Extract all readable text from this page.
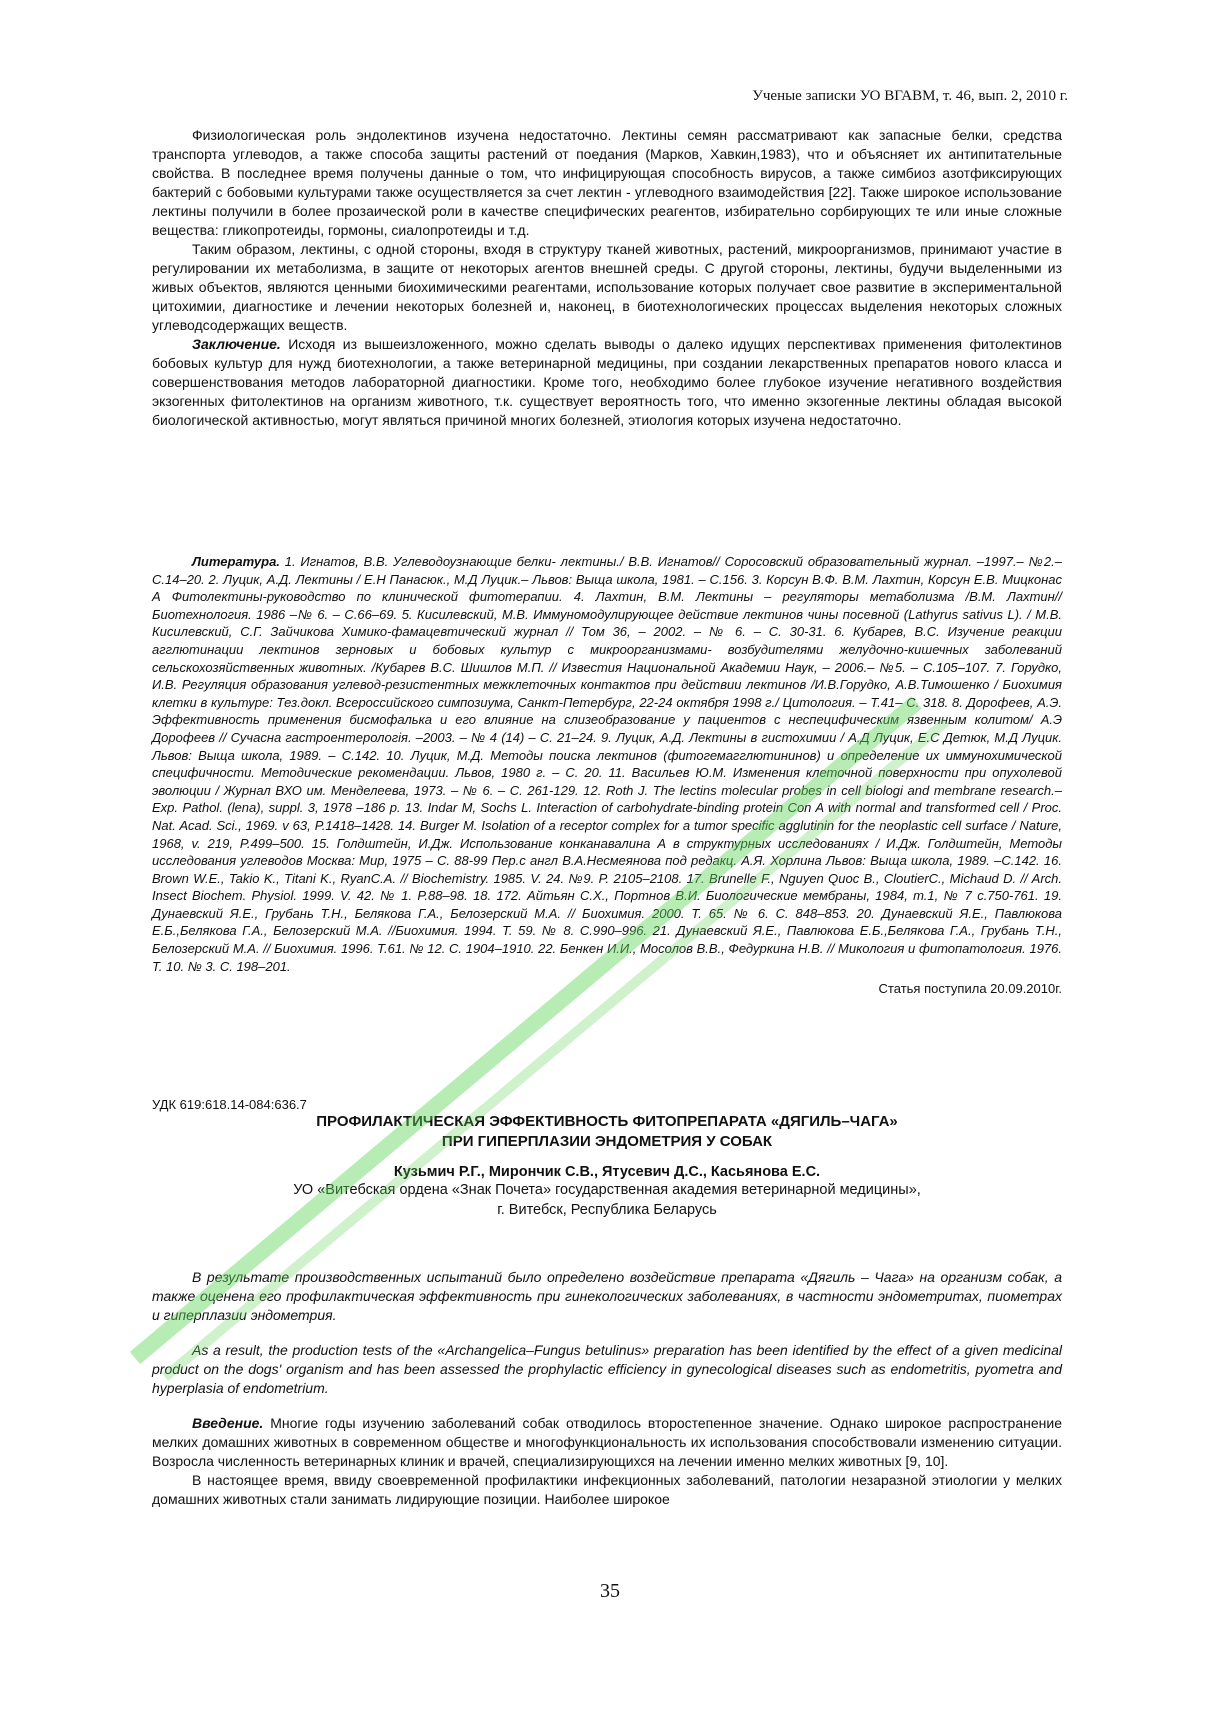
Ученые записки УО ВГАВМ, т. 46, вып. 2, 2010 г.

Физиологическая роль эндолектинов изучена недостаточно. Лектины семян рассматривают как запасные белки, средства транспорта углеводов, а также способа защиты растений от поедания (Марков, Хавкин,1983), что и объясняет их антипитательные свойства. В последнее время получены данные о том, что инфицирующая способность вирусов, а также симбиоз азотфиксирующих бактерий с бобовыми культурами также осуществляется за счет лектин - углеводного взаимодействия [22]. Также широкое использование лектины получили в более прозаической роли в качестве специфических реагентов, избирательно сорбирующих те или иные сложные вещества: гликопротеиды, гормоны, сиалопротеиды и т.д.

Таким образом, лектины, с одной стороны, входя в структуру тканей животных, растений, микроорганизмов, принимают участие в регулировании их метаболизма, в защите от некоторых агентов внешней среды. С другой стороны, лектины, будучи выделенными из живых объектов, являются ценными биохимическими реагентами, использование которых получает свое развитие в экспериментальной цитохимии, диагностике и лечении некоторых болезней и, наконец, в биотехнологических процессах выделения некоторых сложных углеводсодержащих веществ.

Заключение. Исходя из вышеизложенного, можно сделать выводы о далеко идущих перспективах применения фитолектинов бобовых культур для нужд биотехнологии, а также ветеринарной медицины, при создании лекарственных препаратов нового класса и совершенствования методов лабораторной диагностики. Кроме того, необходимо более глубокое изучение негативного воздействия экзогенных фитолектинов на организм животного, т.к. существует вероятность того, что именно экзогенные лектины обладая высокой биологической активностью, могут являться причиной многих болезней, этиология которых изучена недостаточно.

Литература. 1. Игнатов, В.В. Углеводоузнающие белки- лектины./ В.В. Игнатов// Соросовский образовательный журнал. –1997.– №2.– С.14–20. 2. Луцик, А.Д. Лектины / Е.Н Панасюк., М.Д Луцик.– Львов: Выща школа, 1981. – С.156. 3. Корсун В.Ф. В.М. Лахтин, Корсун Е.В. Мицконас А Фитолектины-руководство по клинической фитотерапии. 4. Лахтин, В.М. Лектины – регуляторы метаболизма /В.М. Лахтин// Биотехнология. 1986 –№ 6. – С.66–69. 5. Кисилевский, М.В. Иммуномодулирующее действие лектинов чины посевной (Lathyrus sativus L). / М.В. Кисилевский, С.Г. Зайчикова Химико-фамацевтический журнал // Том 36, – 2002. – № 6. – С. 30-31. 6. Кубарев, В.С. Изучение реакции агглютинации лектинов зерновых и бобовых культур с микроорганизмами- возбудителями желудочно-кишечных заболеваний сельскохозяйственных животных. /Кубарев В.С. Шишлов М.П. // Известия Национальной Академии Наук, – 2006.– №5. – С.105–107. 7. Горудко, И.В. Регуляция образования углевод-резистентных межклеточных контактов при действии лектинов /И.В.Горудко, А.В.Тимошенко / Биохимия клетки в культуре: Тез.докл. Всероссийского симпозиума, Санкт-Петербург, 22-24 октября 1998 г./ Цитология. – Т.41– С. 318. 8. Дорофеев, А.Э. Эффективность применения бисмофалька и его влияние на слизеобразование у пациентов с неспецифическим язвенным колитом/ А.Э Дорофеев // Сучасна гастроентерологія. –2003. – № 4 (14) – С. 21–24. 9. Луцик, А.Д. Лектины в гистохимии / А.Д Луцик, Е.С Детюк, М.Д Луцик. Львов: Выща школа, 1989. – С.142. 10. Луцик, М.Д. Методы поиска лектинов (фитогемагглютининов) и определение их иммунохимической специфичности. Методические рекомендации. Львов, 1980 г. – С. 20. 11. Васильев Ю.М. Изменения клеточной поверхности при опухолевой эволюции / Журнал ВХО им. Менделеева, 1973. – № 6. – С. 261-129. 12. Roth J. The lectins molecular probes in cell biologi and membrane research.– Exp. Pathol. (lena), suppl. 3, 1978 –186 p. 13. Indar M, Sochs L. Interaction of carbohydrate-binding protein Con A with normal and transformed cell / Proc. Nat. Acad. Sci., 1969. v 63, P.1418–1428. 14. Burger M. Isolation of a receptor complex for a tumor specific agglutinin for the neoplastic cell surface / Nature, 1968, v. 219, P.499–500. 15. Голдштейн, И.Дж. Использование конканавалина А в структурных исследованиях / И.Дж. Голдштейн, Методы исследования углеводов Москва: Мир, 1975 – С. 88-99 Пер.с англ В.А.Несмеянова под редакц. А.Я. Хорлина Львов: Выща школа, 1989. –С.142. 16. Brown W.E., Takio K., Titani K., RyanC.A. // Biochemistry. 1985. V. 24. №9. P. 2105–2108. 17. Brunelle F., Nguyen Quoc B., CloutierC., Michaud D. // Arch. Insect Biochem. Physiol. 1999. V. 42. № 1. P.88–98. 18. 172. Айтьян С.Х., Портнов В.И. Биологические мембраны, 1984, т.1, № 7 с.750-761. 19. Дунаевский Я.Е., Грубань Т.Н., Белякова Г.А., Белозерский М.А. // Биохимия. 2000. Т. 65. № 6. С. 848–853. 20. Дунаевский Я.Е., Павлюкова Е.Б.,Белякова Г.А., Белозерский М.А. //Биохимия. 1994. Т. 59. № 8. С.990–996. 21. Дунаевский Я.Е., Павлюкова Е.Б.,Белякова Г.А., Грубань Т.Н., Белозерский М.А. // Биохимия. 1996. Т.61. № 12. С. 1904–1910. 22. Бенкен И.И., Мосолов В.В., Федуркина Н.В. // Микология и фитопатология. 1976. Т. 10. № 3. С. 198–201.

Статья поступила 20.09.2010г.

УДК 619:618.14-084:636.7

ПРОФИЛАКТИЧЕСКАЯ ЭФФЕКТИВНОСТЬ ФИТОПРЕПАРАТА «ДЯГИЛЬ–ЧАГА»

ПРИ ГИПЕРПЛАЗИИ ЭНДОМЕТРИЯ У СОБАК

Кузьмич Р.Г., Мирончик С.В., Ятусевич Д.С., Касьянова Е.С.

УО «Витебская ордена «Знак Почета» государственная академия ветеринарной медицины»,

г. Витебск, Республика Беларусь

В результате производственных испытаний было определено воздействие препарата «Дягиль – Чага» на организм собак, а также оценена его профилактическая эффективность при гинекологических заболеваниях, в частности эндометритах, пиометрах и гиперплазии эндометрия.

As a result, the production tests of the «Archangelica–Fungus betulinus» preparation has been identified by the effect of a given medicinal product on the dogs' organism and has been assessed the prophylactic efficiency in gynecological diseases such as endometritis, pyometra and hyperplasia of endometrium.

Введение. Многие годы изучению заболеваний собак отводилось второстепенное значение. Однако широкое распространение мелких домашних животных в современном обществе и многофункциональность их использования способствовали изменению ситуации. Возросла численность ветеринарных клиник и врачей, специализирующихся на лечении именно мелких животных [9, 10].

В настоящее время, ввиду своевременной профилактики инфекционных заболеваний, патологии незаразной этиологии у мелких домашних животных стали занимать лидирующие позиции. Наиболее широкое

35
